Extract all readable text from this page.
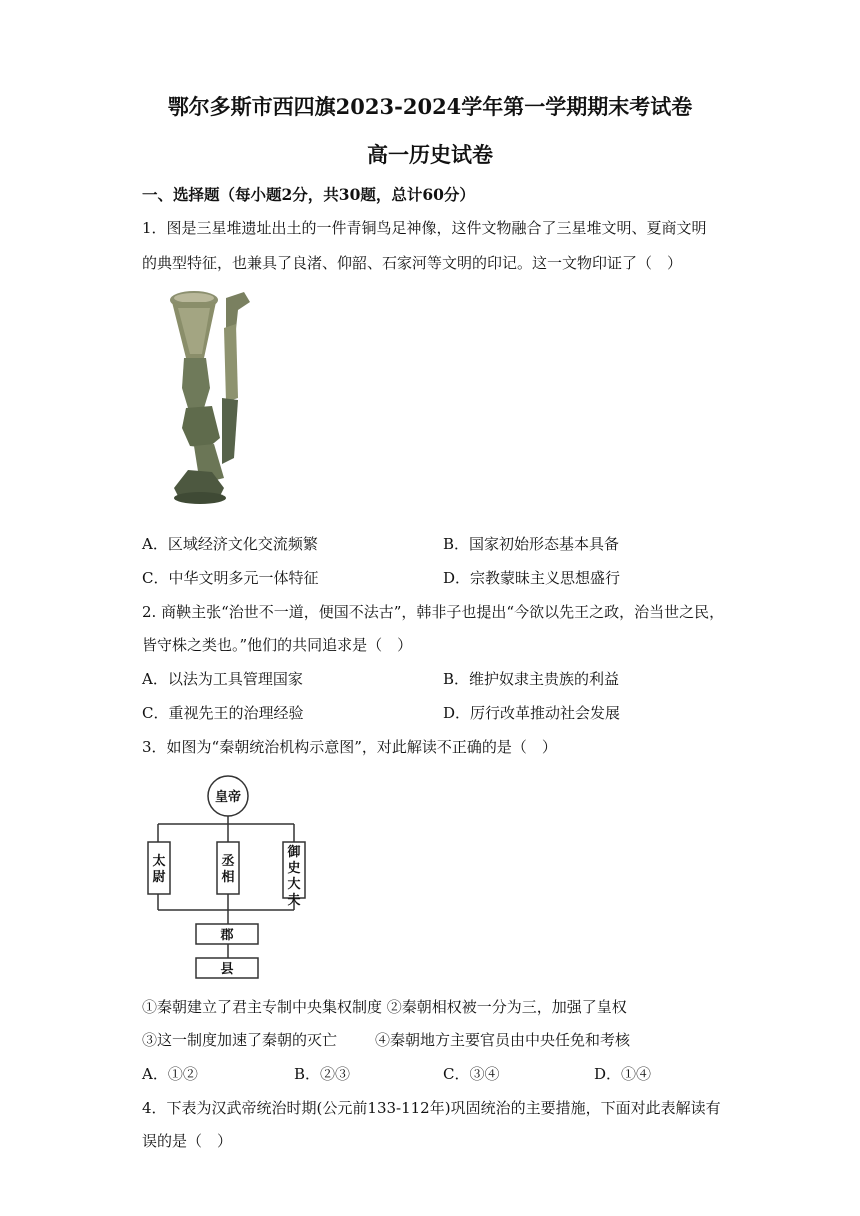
鄂尔多斯市西四旗2023-2024学年第一学期期末考试卷
高一历史试卷
一、选择题（每小题2分，共30题，总计60分）
1．图是三星堆遗址出土的一件青铜鸟足神像，这件文物融合了三星堆文明、夏商文明
的典型特征，也兼具了良渚、仰韶、石家河等文明的印记。这一文物印证了（　）
A．区域经济文化交流频繁	B．国家初始形态基本具备
C．中华文明多元一体特征	D．宗教蒙昧主义思想盛行
2. 商鞅主张“治世不一道，便国不法古”，韩非子也提出“今欲以先王之政，治当世之民，
皆守株之类也。”他们的共同追求是（　）
A．以法为工具管理国家	B．维护奴隶主贵族的利益
C．重视先王的治理经验	D．厉行改革推动社会发展
3．如图为“秦朝统治机构示意图”，对此解读不正确的是（　）
皇帝
太尉
丞相
御史大夫
郡
县
①秦朝建立了君主专制中央集权制度 ②秦朝相权被一分为三，加强了皇权
③这一制度加速了秦朝的灭亡	④秦朝地方主要官员由中央任免和考核
A．①②	B．②③	C．③④	D．①④
4．下表为汉武帝统治时期(公元前133-112年)巩固统治的主要措施，下面对此表解读有
误的是（　）
